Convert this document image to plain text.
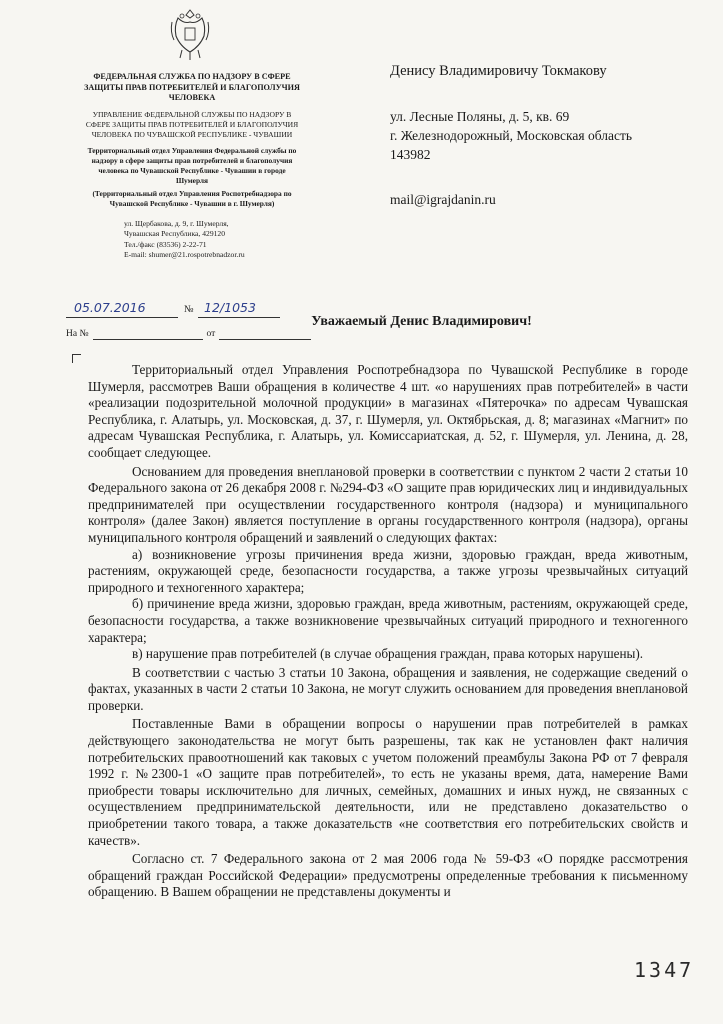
ФЕДЕРАЛЬНАЯ СЛУЖБА ПО НАДЗОРУ В СФЕРЕ ЗАЩИТЫ ПРАВ ПОТРЕБИТЕЛЕЙ И БЛАГОПОЛУЧИЯ ЧЕЛОВЕКА
УПРАВЛЕНИЕ ФЕДЕРАЛЬНОЙ СЛУЖБЫ ПО НАДЗОРУ В СФЕРЕ ЗАЩИТЫ ПРАВ ПОТРЕБИТЕЛЕЙ И БЛАГОПОЛУЧИЯ ЧЕЛОВЕКА ПО ЧУВАШСКОЙ РЕСПУБЛИКЕ - ЧУВАШИИ
Территориальный отдел Управления Федеральной службы по надзору в сфере защиты прав потребителей и благополучия человека по Чувашской Республике - Чувашии в городе Шумерля
(Территориальный отдел Управления Роспотребнадзора по Чувашской Республике - Чувашии в г. Шумерля)
ул. Щербакова, д. 9, г. Шумерля,
Чувашская Республика, 429120
Тел./факс (83536) 2-22-71
E-mail: shumer@21.rospotrebnadzor.ru
05.07.2016	№ 12/1053
На №	от
Денису Владимировичу Токмакову
ул. Лесные Поляны, д. 5, кв. 69
г. Железнодорожный, Московская область
143982
mail@igrajdanin.ru
Уважаемый Денис Владимирович!

Территориальный отдел Управления Роспотребнадзора по Чувашской Республике в городе Шумерля, рассмотрев Ваши обращения в количестве 4 шт. «о нарушениях прав потребителей» в части «реализации подозрительной молочной продукции» в магазинах «Пятерочка» по адресам Чувашская Республика, г. Алатырь, ул. Московская, д. 37, г. Шумерля, ул. Октябрьская, д. 8; магазинах «Магнит» по адресам Чувашская Республика, г. Алатырь, ул. Комиссариатская, д. 52, г. Шумерля, ул. Ленина, д. 28, сообщает следующее.

Основанием для проведения внеплановой проверки в соответствии с пунктом 2 части 2 статьи 10 Федерального закона от 26 декабря 2008 г. №294-ФЗ «О защите прав юридических лиц и индивидуальных предпринимателей при осуществлении государственного контроля (надзора) и муниципального контроля» (далее Закон) является поступление в органы государственного контроля (надзора), органы муниципального контроля обращений и заявлений о следующих фактах:

а) возникновение угрозы причинения вреда жизни, здоровью граждан, вреда животным, растениям, окружающей среде, безопасности государства, а также угрозы чрезвычайных ситуаций природного и техногенного характера;

б) причинение вреда жизни, здоровью граждан, вреда животным, растениям, окружающей среде, безопасности государства, а также возникновение чрезвычайных ситуаций природного и техногенного характера;

в) нарушение прав потребителей (в случае обращения граждан, права которых нарушены).

В соответствии с частью 3 статьи 10 Закона, обращения и заявления, не содержащие сведений о фактах, указанных в части 2 статьи 10 Закона, не могут служить основанием для проведения внеплановой проверки.

Поставленные Вами в обращении вопросы о нарушении прав потребителей в рамках действующего законодательства не могут быть разрешены, так как не установлен факт наличия потребительских правоотношений как таковых с учетом положений преамбулы Закона РФ от 7 февраля 1992 г. №2300-1 «О защите прав потребителей», то есть не указаны время, дата, намерение Вами приобрести товары исключительно для личных, семейных, домашних и иных нужд, не связанных с осуществлением предпринимательской деятельности, или не представлено доказательство о приобретении такого товара, а также доказательств «не соответствия его потребительских свойств и качеств».

Согласно ст. 7 Федерального закона от 2 мая 2006 года № 59-ФЗ «О порядке рассмотрения обращений граждан Российской Федерации» предусмотрены определенные требования к письменному обращению. В Вашем обращении не представлены документы и

1347
